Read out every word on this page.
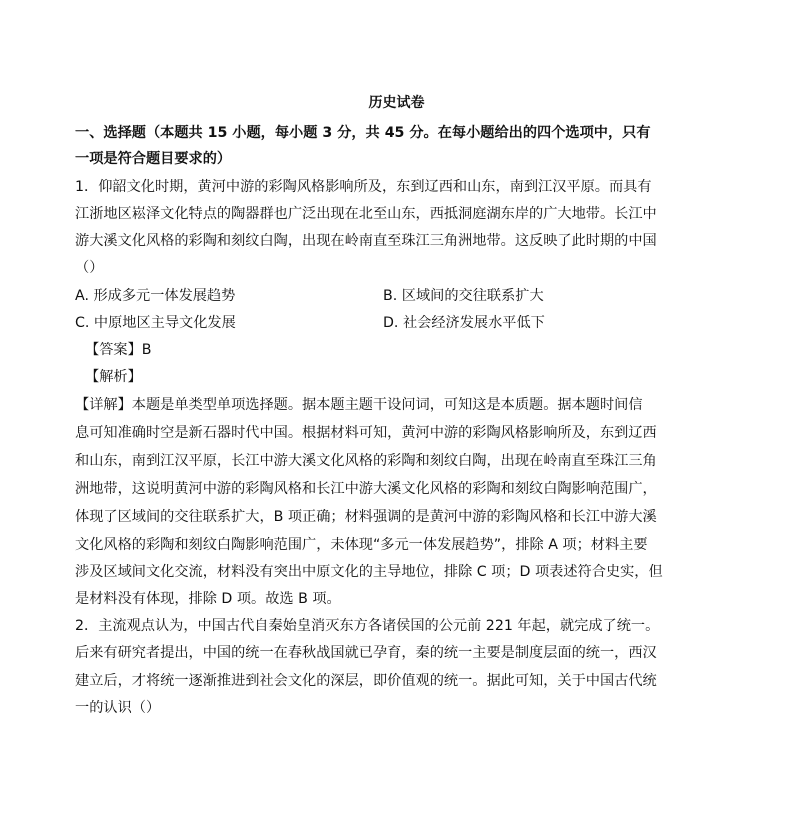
历史试卷
一、选择题（本题共 15 小题，每小题 3 分，共 45 分。在每小题给出的四个选项中，只有
一项是符合题目要求的）
1．仰韶文化时期，黄河中游的彩陶风格影响所及，东到辽西和山东，南到江汉平原。而具有
江浙地区崧泽文化特点的陶器群也广泛出现在北至山东，西抵洞庭湖东岸的广大地带。长江中
游大溪文化风格的彩陶和刻纹白陶，出现在岭南直至珠江三角洲地带。这反映了此时期的中国
（）
A. 形成多元一体发展趋势	B. 区域间的交往联系扩大
C. 中原地区主导文化发展	D. 社会经济发展水平低下
【答案】B
【解析】
【详解】本题是单类型单项选择题。据本题主题干设问词，可知这是本质题。据本题时间信
息可知准确时空是新石器时代中国。根据材料可知，黄河中游的彩陶风格影响所及，东到辽西
和山东，南到江汉平原，长江中游大溪文化风格的彩陶和刻纹白陶，出现在岭南直至珠江三角
洲地带，这说明黄河中游的彩陶风格和长江中游大溪文化风格的彩陶和刻纹白陶影响范围广，
体现了区域间的交往联系扩大，B 项正确；材料强调的是黄河中游的彩陶风格和长江中游大溪
文化风格的彩陶和刻纹白陶影响范围广，未体现“多元一体发展趋势”，排除 A 项；材料主要
涉及区域间文化交流，材料没有突出中原文化的主导地位，排除 C 项；D 项表述符合史实，但
是材料没有体现，排除 D 项。故选 B 项。
2．主流观点认为，中国古代自秦始皇消灭东方各诸侯国的公元前 221 年起，就完成了统一。
后来有研究者提出，中国的统一在春秋战国就已孕育，秦的统一主要是制度层面的统一，西汉
建立后，才将统一逐渐推进到社会文化的深层，即价值观的统一。据此可知，关于中国古代统
一的认识（）
